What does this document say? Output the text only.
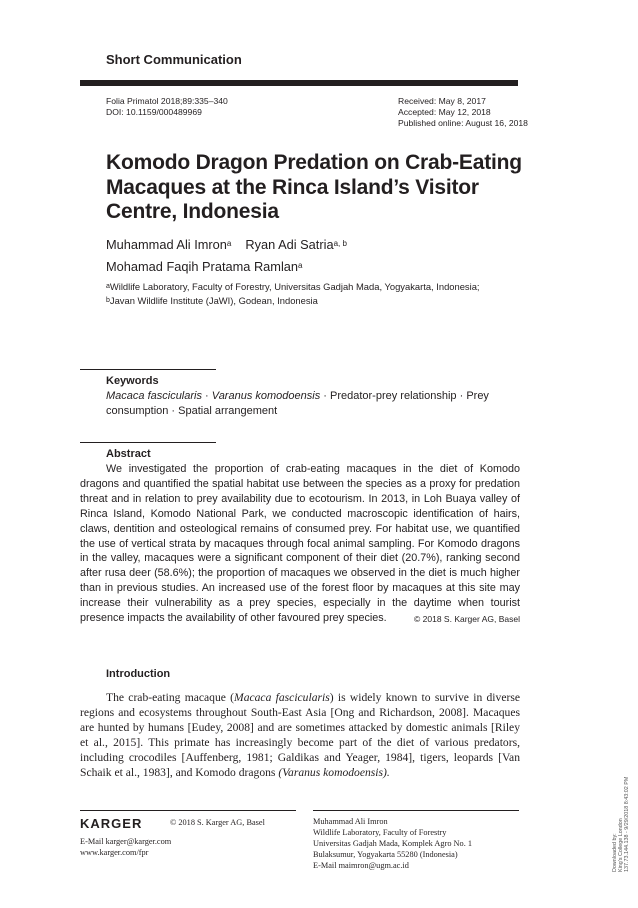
Short Communication
Folia Primatol 2018;89:335–340
DOI: 10.1159/000489969
Received: May 8, 2017
Accepted: May 12, 2018
Published online: August 16, 2018
Komodo Dragon Predation on Crab-Eating Macaques at the Rinca Island’s Visitor Centre, Indonesia
Muhammad Ali Imron$^a$ Ryan Adi Satria$^{a, b}$
Mohamad Faqih Pratama Ramlan$^a$
$^a$Wildlife Laboratory, Faculty of Forestry, Universitas Gadjah Mada, Yogyakarta, Indonesia;
$^b$Javan Wildlife Institute (JaWI), Godean, Indonesia
Keywords
Macaca fascicularis · Varanus komodoensis · Predator-prey relationship · Prey consumption · Spatial arrangement
Abstract
We investigated the proportion of crab-eating macaques in the diet of Komodo dragons and quantified the spatial habitat use between the species as a proxy for predation threat and in relation to prey availability due to ecotourism. In 2013, in Loh Buaya valley of Rinca Island, Komodo National Park, we conducted macroscopic identification of hairs, claws, dentition and osteological remains of consumed prey. For habitat use, we quantified the use of vertical strata by macaques through focal animal sampling. For Komodo dragons in the valley, macaques were a significant component of their diet (20.7%), ranking second after rusa deer (58.6%); the proportion of macaques we observed in the diet is much higher than in previous studies. An increased use of the forest floor by macaques at this site may increase their vulnerability as a prey species, especially in the daytime when tourist presence impacts the availability of other favoured prey species.	© 2018 S. Karger AG, Basel
Introduction
The crab-eating macaque (Macaca fascicularis) is widely known to survive in diverse regions and ecosystems throughout South-East Asia [Ong and Richardson, 2008]. Macaques are hunted by humans [Eudey, 2008] and are sometimes attacked by domestic animals [Riley et al., 2015]. This primate has increasingly become part of the diet of various predators, including crocodiles [Auffenberg, 1981; Galdikas and Yeager, 1984], tigers, leopards [Van Schaik et al., 1983], and Komodo dragons (Varanus komodoensis).
KARGER	© 2018 S. Karger AG, Basel
E-Mail karger@karger.com
www.karger.com/fpr
Muhammad Ali Imron
Wildlife Laboratory, Faculty of Forestry
Universitas Gadjah Mada, Komplek Agro No. 1
Bulaksumur, Yogyakarta 55280 (Indonesia)
E-Mail maimron@ugm.ac.id	Downloaded by: King's College London 137.73.144.138 - 9/29/2018 8:43:02 PM
